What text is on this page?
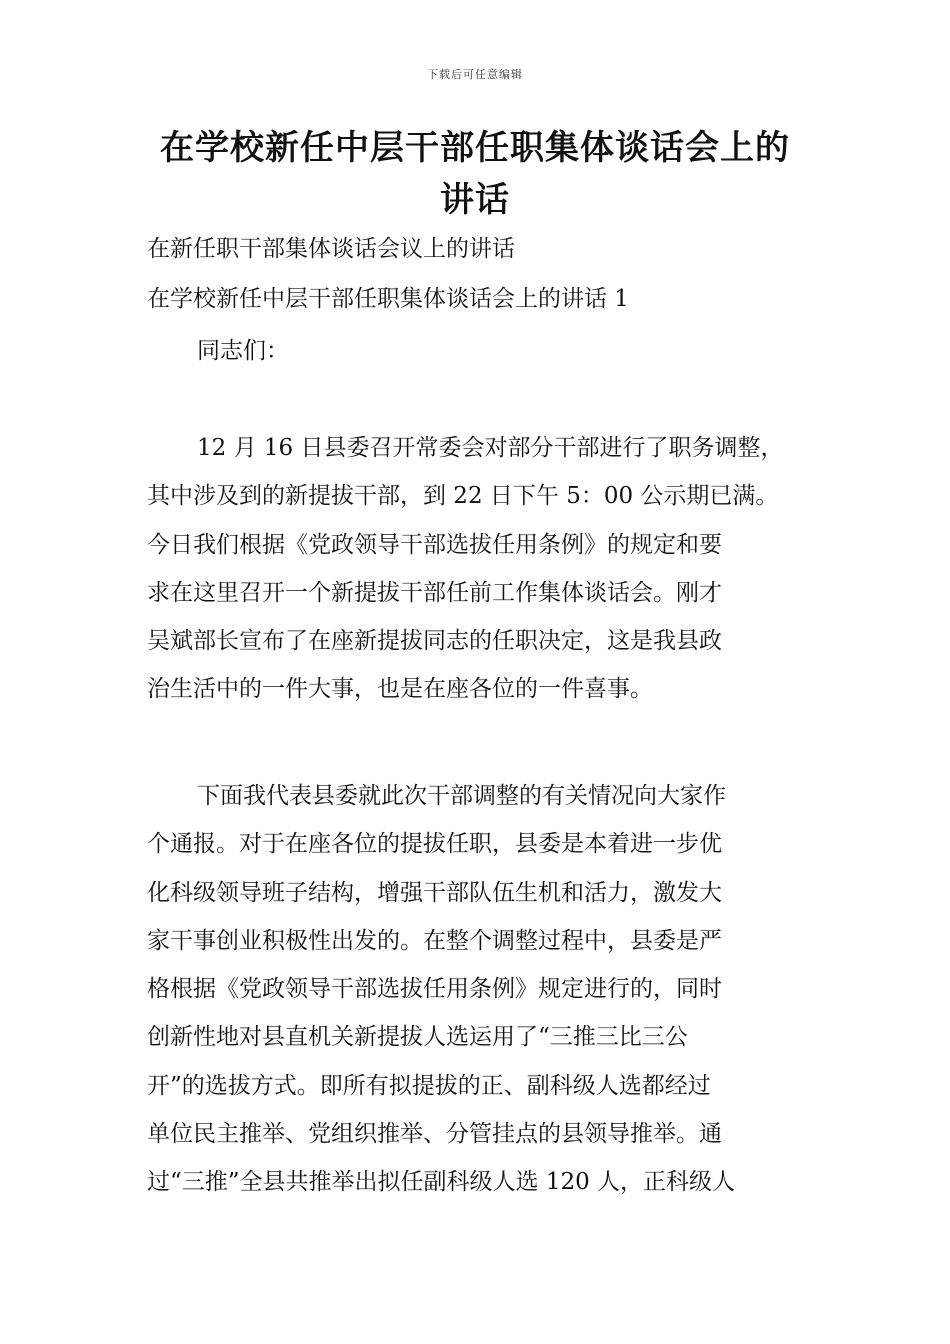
下载后可任意编辑
在学校新任中层干部任职集体谈话会上的
讲话
在新任职干部集体谈话会议上的讲话
在学校新任中层干部任职集体谈话会上的讲话 1
同志们：
12 月 16 日县委召开常委会对部分干部进行了职务调整，
其中涉及到的新提拔干部，到 22 日下午 5：00 公示期已满。
今日我们根据《党政领导干部选拔任用条例》的规定和要
求在这里召开一个新提拔干部任前工作集体谈话会。刚才
吴斌部长宣布了在座新提拔同志的任职决定，这是我县政
治生活中的一件大事，也是在座各位的一件喜事。
下面我代表县委就此次干部调整的有关情况向大家作
个通报。对于在座各位的提拔任职，县委是本着进一步优
化科级领导班子结构，增强干部队伍生机和活力，激发大
家干事创业积极性出发的。在整个调整过程中，县委是严
格根据《党政领导干部选拔任用条例》规定进行的，同时
创新性地对县直机关新提拔人选运用了“三推三比三公
开”的选拔方式。即所有拟提拔的正、副科级人选都经过
单位民主推举、党组织推举、分管挂点的县领导推举。通
过“三推”全县共推举出拟任副科级人选 120 人，正科级人
